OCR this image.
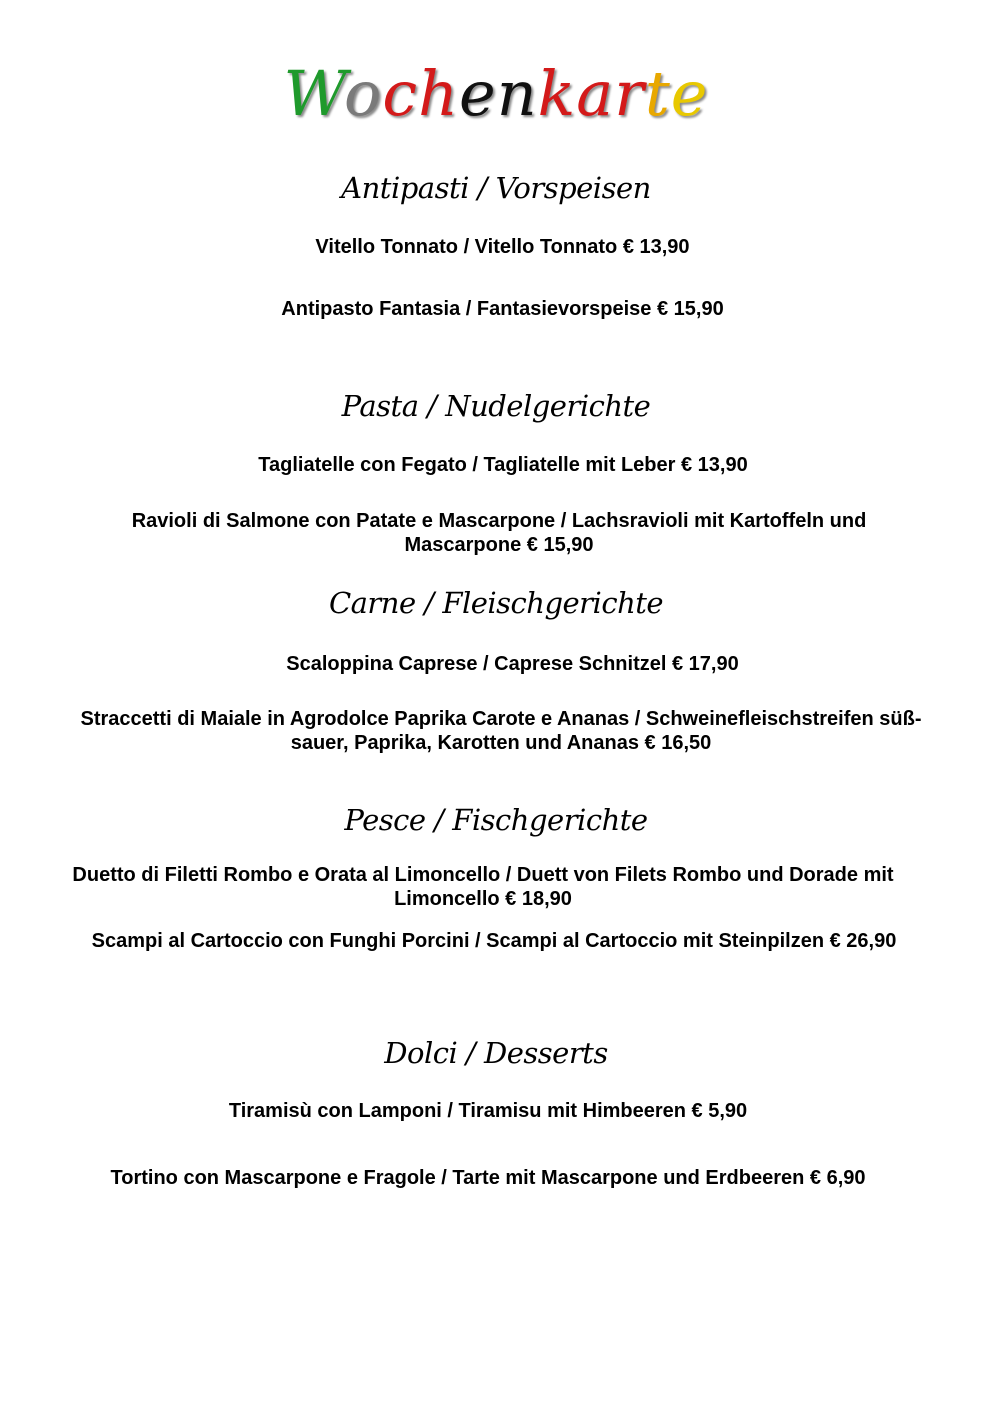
Wochenkarte
Antipasti / Vorspeisen

Vitello Tonnato / Vitello Tonnato € 13,90

Antipasto Fantasia / Fantasievorspeise € 15,90

Pasta / Nudelgerichte

Tagliatelle con Fegato / Tagliatelle mit Leber € 13,90

Ravioli di Salmone con Patate e Mascarpone / Lachsravioli mit Kartoffeln und Mascarpone € 15,90

Carne / Fleischgerichte

Scaloppina Caprese / Caprese Schnitzel € 17,90

Straccetti di Maiale in Agrodolce Paprika Carote e Ananas / Schweinefleischstreifen süß-sauer, Paprika, Karotten und Ananas € 16,50

Pesce / Fischgerichte

Duetto di Filetti Rombo e Orata al Limoncello / Duett von Filets Rombo und Dorade mit Limoncello € 18,90

Scampi al Cartoccio con Funghi Porcini / Scampi al Cartoccio mit Steinpilzen € 26,90

Dolci / Desserts

Tiramisù con Lamponi / Tiramisu mit Himbeeren € 5,90

Tortino con Mascarpone e Fragole / Tarte mit Mascarpone und Erdbeeren € 6,90
